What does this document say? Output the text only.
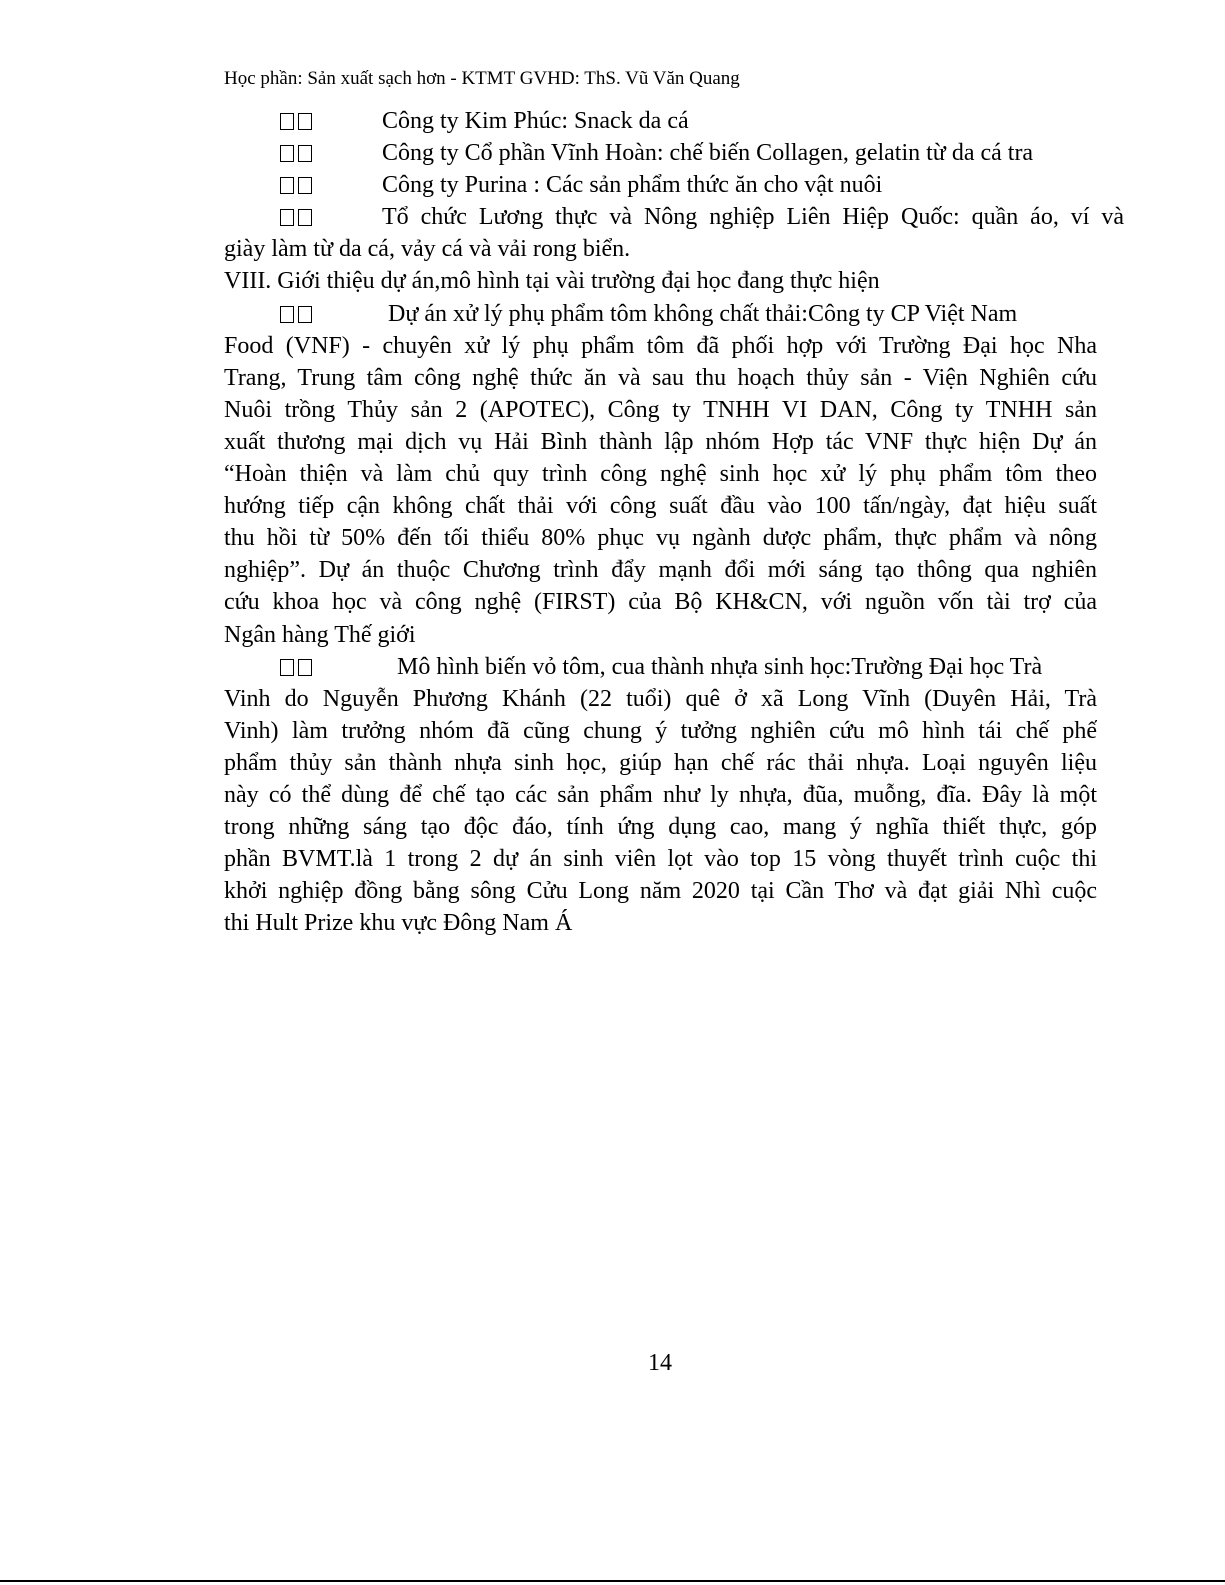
Học phần: Sản xuất sạch hơn - KTMT GVHD: ThS. Vũ Văn Quang
Công ty Kim Phúc: Snack da cá
Công ty Cổ phần Vĩnh Hoàn: chế biến Collagen, gelatin từ da cá tra
Công ty Purina : Các sản phẩm thức ăn cho vật nuôi
Tổ chức Lương thực và Nông nghiệp Liên Hiệp Quốc: quần áo, ví và
giày làm từ da cá, vảy cá và vải rong biển.
VIII. Giới thiệu dự án,mô hình tại vài trường đại học đang thực hiện
Dự án xử lý phụ phẩm tôm không chất thải:Công ty CP Việt Nam
Food (VNF) - chuyên xử lý phụ phẩm tôm đã phối hợp với Trường Đại học Nha
Trang, Trung tâm công nghệ thức ăn và sau thu hoạch thủy sản - Viện Nghiên cứu
Nuôi trồng Thủy sản 2 (APOTEC), Công ty TNHH VI DAN, Công ty TNHH sản
xuất thương mại dịch vụ Hải Bình thành lập nhóm Hợp tác VNF thực hiện Dự án
“Hoàn thiện và làm chủ quy trình công nghệ sinh học xử lý phụ phẩm tôm theo
hướng tiếp cận không chất thải với công suất đầu vào 100 tấn/ngày, đạt hiệu suất
thu hồi từ 50% đến tối thiểu 80% phục vụ ngành dược phẩm, thực phẩm và nông
nghiệp”. Dự án thuộc Chương trình đẩy mạnh đổi mới sáng tạo thông qua nghiên
cứu khoa học và công nghệ (FIRST) của Bộ KH&CN, với nguồn vốn tài trợ của
Ngân hàng Thế giới
Mô hình biến vỏ tôm, cua thành nhựa sinh học:Trường Đại học Trà
Vinh do Nguyễn Phương Khánh (22 tuổi) quê ở xã Long Vĩnh (Duyên Hải, Trà
Vinh) làm trưởng nhóm đã cũng chung ý tưởng nghiên cứu mô hình tái chế phế
phẩm thủy sản thành nhựa sinh học, giúp hạn chế rác thải nhựa. Loại nguyên liệu
này có thể dùng để chế tạo các sản phẩm như ly nhựa, đũa, muỗng, đĩa. Đây là một
trong những sáng tạo độc đáo, tính ứng dụng cao, mang ý nghĩa thiết thực, góp
phần BVMT.là 1 trong 2 dự án sinh viên lọt vào top 15 vòng thuyết trình cuộc thi
khởi nghiệp đồng bằng sông Cửu Long năm 2020 tại Cần Thơ và đạt giải Nhì cuộc
thi Hult Prize khu vực Đông Nam Á
14
